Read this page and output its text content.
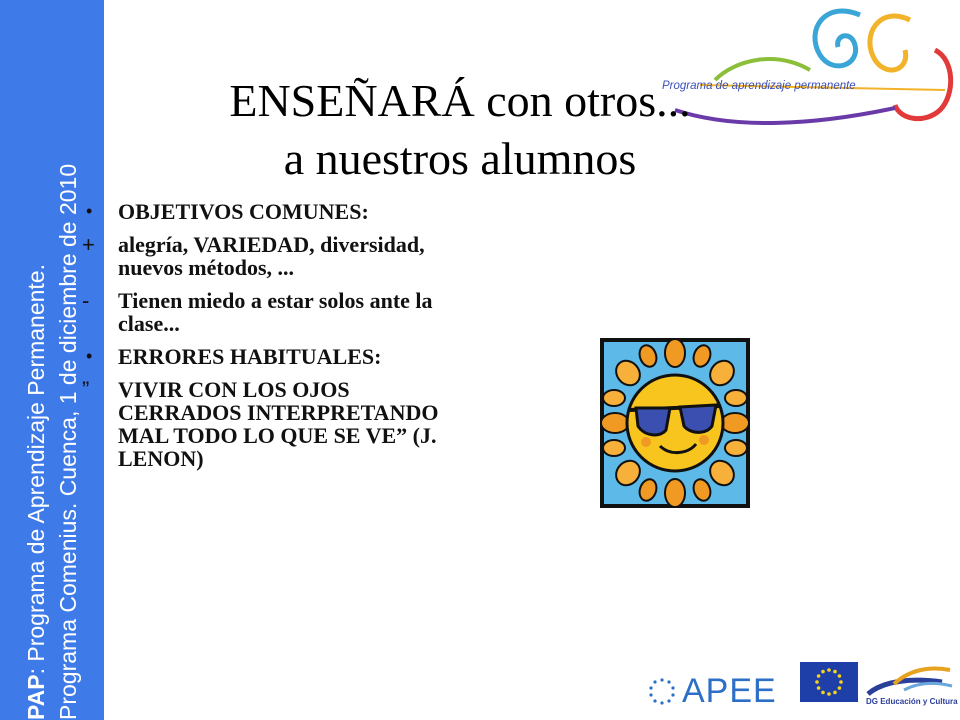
PAP: Programa de Aprendizaje Permanente. Programa Comenius. Cuenca, 1 de diciembre de 2010
Programa de aprendizaje permanente
ENSEÑARÁ con otros...
a nuestros alumnos
•	OBJETIVOS COMUNES:
+	alegría, VARIEDAD, diversidad, nuevos métodos, ...
-	Tienen miedo a estar solos ante la clase...
•	ERRORES HABITUALES:
”	VIVIR CON LOS OJOS CERRADOS INTERPRETANDO MAL TODO LO QUE SE VE” (J. LENON)
APEE	DG Educación y Cultura
